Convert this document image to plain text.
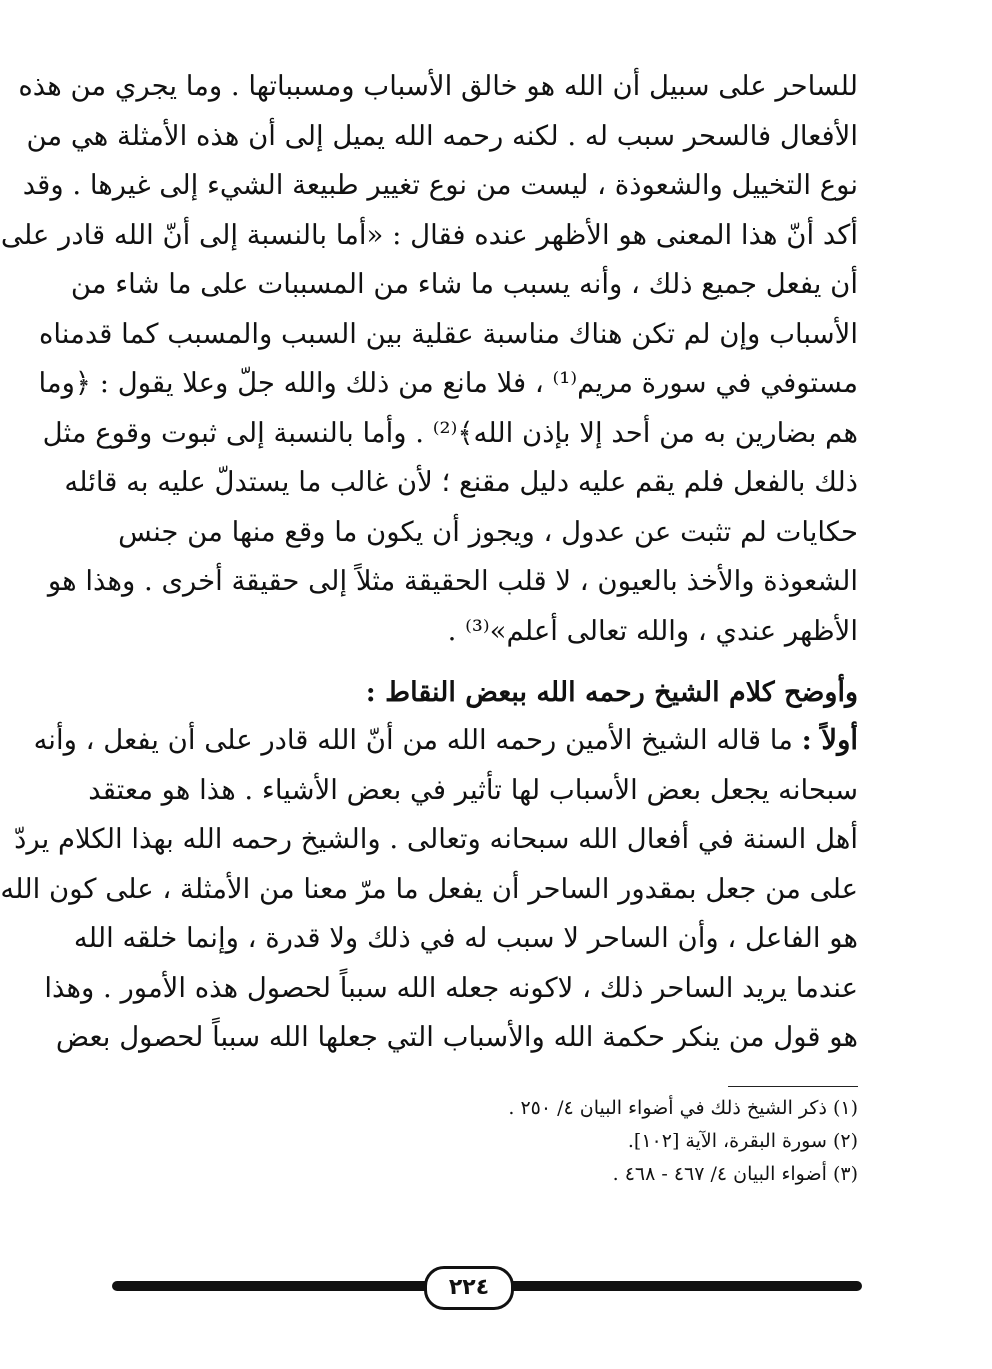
للساحر على سبيل أن الله هو خالق الأسباب ومسبباتها . وما يجري من هذه
الأفعال فالسحر سبب له . لكنه رحمه الله يميل إلى أن هذه الأمثلة هي من
نوع التخييل والشعوذة ، ليست من نوع تغيير طبيعة الشيء إلى غيرها . وقد
أكد أنّ هذا المعنى هو الأظهر عنده فقال : «أما بالنسبة إلى أنّ الله قادر على
أن يفعل جميع ذلك ، وأنه يسبب ما شاء من المسببات على ما شاء من
الأسباب وإن لم تكن هناك مناسبة عقلية بين السبب والمسبب كما قدمناه
مستوفي في سورة مريم⁽¹⁾ ، فلا مانع من ذلك والله جلّ وعلا يقول : ﴿وما
هم بضارين به من أحد إلا بإذن الله﴾⁽²⁾ . وأما بالنسبة إلى ثبوت وقوع مثل
ذلك بالفعل فلم يقم عليه دليل مقنع ؛ لأن غالب ما يستدلّ عليه به قائله
حكايات لم تثبت عن عدول ، ويجوز أن يكون ما وقع منها من جنس
الشعوذة والأخذ بالعيون ، لا قلب الحقيقة مثلاً إلى حقيقة أخرى . وهذا هو
الأظهر عندي ، والله تعالى أعلم»⁽³⁾ .
وأوضح كلام الشيخ رحمه الله ببعض النقاط :
أولاً : ما قاله الشيخ الأمين رحمه الله من أنّ الله قادر على أن يفعل ، وأنه
سبحانه يجعل بعض الأسباب لها تأثير في بعض الأشياء . هذا هو معتقد
أهل السنة في أفعال الله سبحانه وتعالى . والشيخ رحمه الله بهذا الكلام يردّ
على من جعل بمقدور الساحر أن يفعل ما مرّ معنا من الأمثلة ، على كون الله
هو الفاعل ، وأن الساحر لا سبب له في ذلك ولا قدرة ، وإنما خلقه الله
عندما يريد الساحر ذلك ، لاكونه جعله الله سبباً لحصول هذه الأمور . وهذا
هو قول من ينكر حكمة الله والأسباب التي جعلها الله سبباً لحصول بعض
(١) ذكر الشيخ ذلك في أضواء البيان ٤/ ٢٥٠ .
(٢) سورة البقرة، الآية [١٠٢].
(٣) أضواء البيان ٤/ ٤٦٧ - ٤٦٨ .
٢٢٤
